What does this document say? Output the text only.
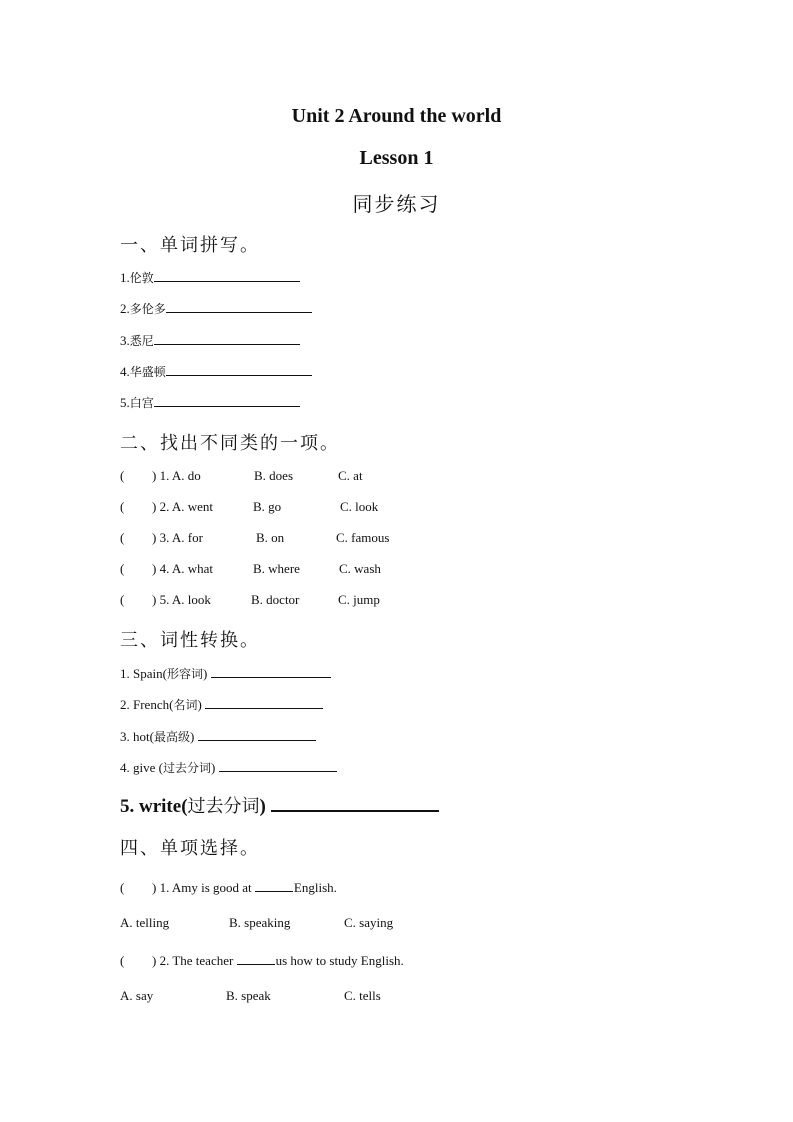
Unit 2 Around the world
Lesson 1
同步练习
一、单词拼写。
1.伦敦
2.多伦多
3.悉尼
4.华盛顿
5.白宫
二、找出不同类的一项。
( ) 1. A. do	B. does	C. at
( ) 2. A. went	B. go	C. look
( ) 3. A. for	B. on	C. famous
( ) 4. A. what	B. where	C. wash
( ) 5. A. look	B. doctor	C. jump
三、词性转换。
1. Spain(形容词)
2. French(名词)
3. hot(最高级)
4. give (过去分词)
5. write(过去分词)
四、单项选择。
( ) 1. Amy is good at	English.
A. telling	B. speaking	C. saying
( ) 2. The teacher	us how to study English.
A. say	B. speak	C. tells
